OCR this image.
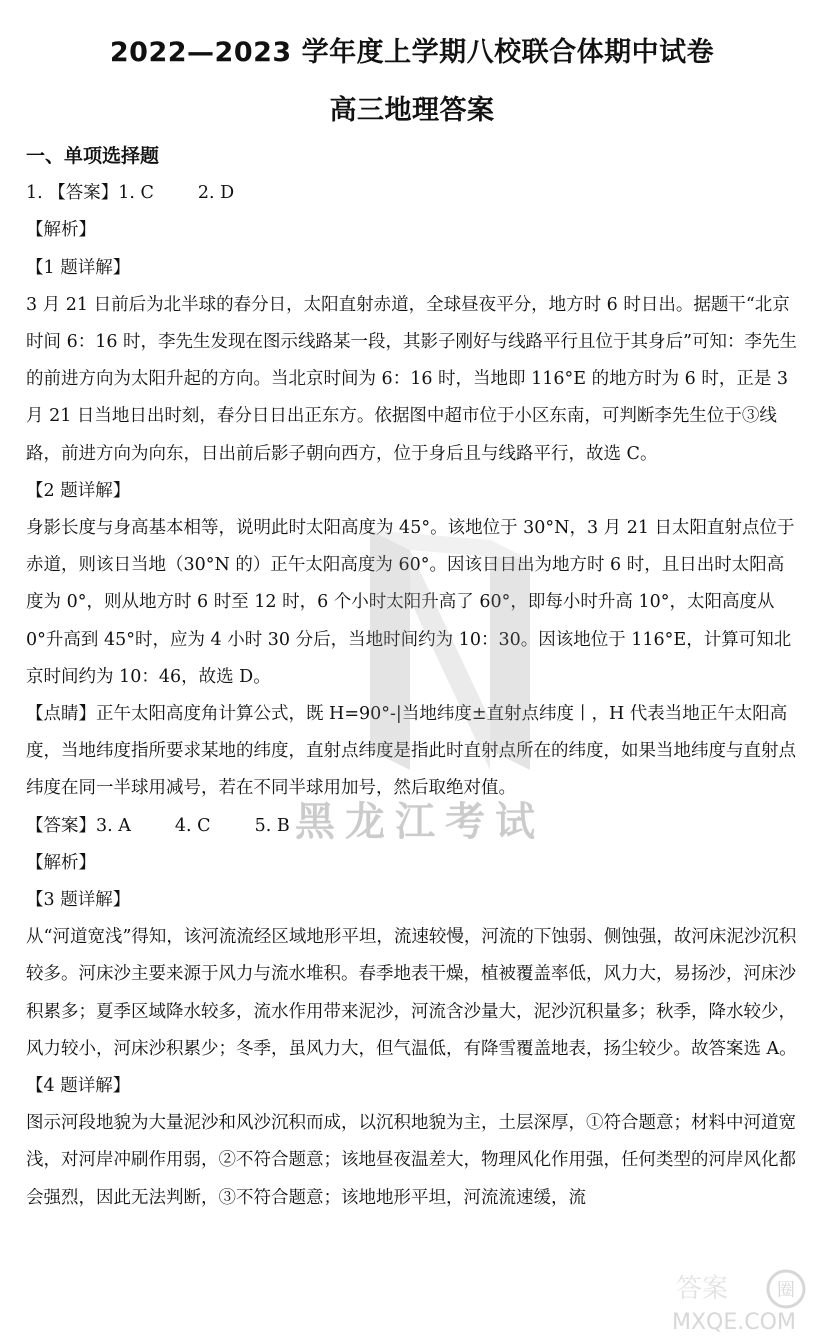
2022—2023 学年度上学期八校联合体期中试卷
高三地理答案

一、单项选择题

1. 【答案】1. C	2. D

【解析】

【1 题详解】

3 月 21 日前后为北半球的春分日，太阳直射赤道，全球昼夜平分，地方时 6 时日出。据题干“北京时间 6：16 时，李先生发现在图示线路某一段，其影子刚好与线路平行且位于其身后”可知：李先生的前进方向为太阳升起的方向。当北京时间为 6：16 时，当地即 116°E 的地方时为 6 时，正是 3 月 21 日当地日出时刻，春分日日出正东方。依据图中超市位于小区东南，可判断李先生位于③线路，前进方向为向东，日出前后影子朝向西方，位于身后且与线路平行，故选 C。

【2 题详解】

身影长度与身高基本相等，说明此时太阳高度为 45°。该地位于 30°N，3 月 21 日太阳直射点位于赤道，则该日当地（30°N 的）正午太阳高度为 60°。因该日日出为地方时 6 时，且日出时太阳高度为 0°，则从地方时 6 时至 12 时，6 个小时太阳升高了 60°，即每小时升高 10°，太阳高度从 0°升高到 45°时，应为 4 小时 30 分后，当地时间约为 10：30。因该地位于 116°E，计算可知北京时间约为 10：46，故选 D。

【点睛】正午太阳高度角计算公式，既 H=90°-|当地纬度±直射点纬度丨，H 代表当地正午太阳高度，当地纬度指所要求某地的纬度，直射点纬度是指此时直射点所在的纬度，如果当地纬度与直射点纬度在同一半球用减号，若在不同半球用加号，然后取绝对值。

【答案】3. A	4. C	5. B

【解析】

【3 题详解】

从“河道宽浅”得知，该河流流经区域地形平坦，流速较慢，河流的下蚀弱、侧蚀强，故河床泥沙沉积较多。河床沙主要来源于风力与流水堆积。春季地表干燥，植被覆盖率低，风力大，易扬沙，河床沙积累多；夏季区域降水较多，流水作用带来泥沙，河流含沙量大，泥沙沉积量多；秋季，降水较少，风力较小，河床沙积累少；冬季，虽风力大，但气温低，有降雪覆盖地表，扬尘较少。故答案选 A。

【4 题详解】

图示河段地貌为大量泥沙和风沙沉积而成，以沉积地貌为主，土层深厚，①符合题意；材料中河道宽浅，对河岸冲刷作用弱，②不符合题意；该地昼夜温差大，物理风化作用强，任何类型的河岸风化都会强烈，因此无法判断，③不符合题意；该地地形平坦，河流流速缓，流

黑龙江考试
圈
答案
MXQE.COM
